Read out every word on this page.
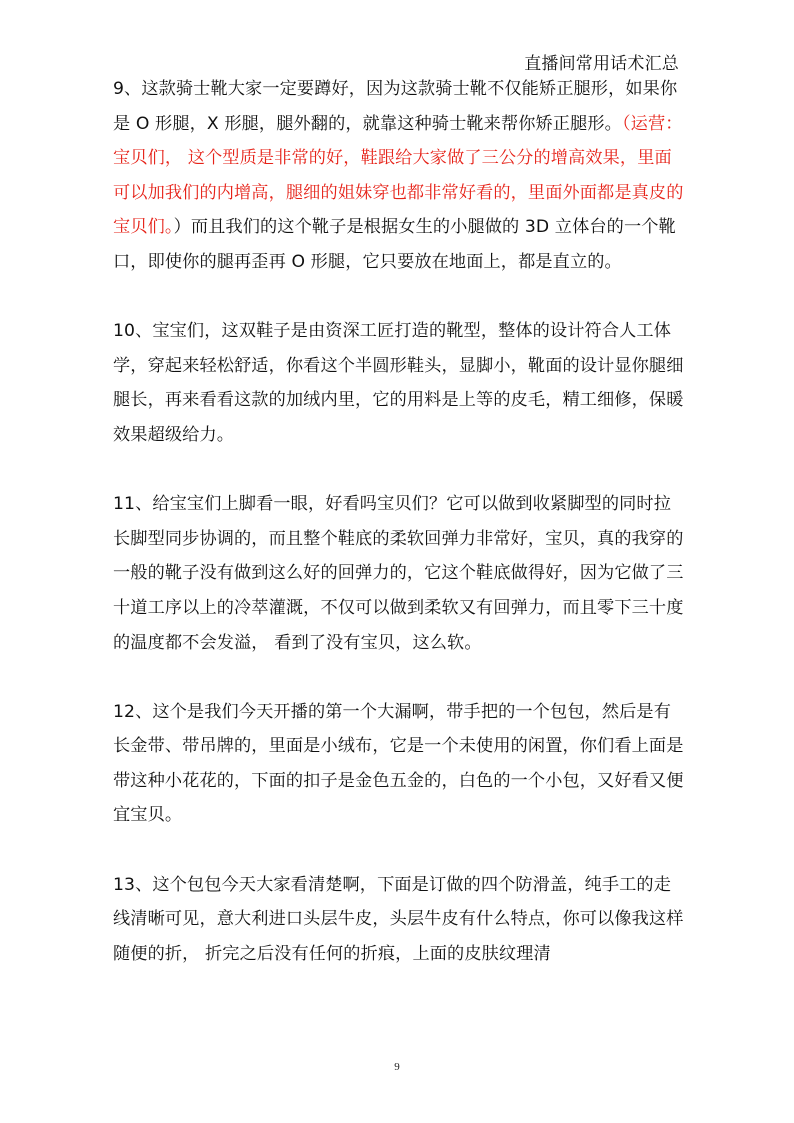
直播间常用话术汇总

9、这款骑士靴大家一定要蹲好，因为这款骑士靴不仅能矫正腿形，如果你是 O 形腿，X 形腿，腿外翻的，就靠这种骑士靴来帮你矫正腿形。（运营：宝贝们， 这个型质是非常的好，鞋跟给大家做了三公分的增高效果，里面可以加我们的内增高，腿细的姐妹穿也都非常好看的，里面外面都是真皮的宝贝们。）而且我们的这个靴子是根据女生的小腿做的 3D 立体台的一个靴口，即使你的腿再歪再 O 形腿，它只要放在地面上，都是直立的。

10、宝宝们，这双鞋子是由资深工匠打造的靴型，整体的设计符合人工体学，穿起来轻松舒适，你看这个半圆形鞋头，显脚小，靴面的设计显你腿细腿长，再来看看这款的加绒内里，它的用料是上等的皮毛，精工细修，保暖效果超级给力。

11、给宝宝们上脚看一眼，好看吗宝贝们？它可以做到收紧脚型的同时拉长脚型同步协调的，而且整个鞋底的柔软回弹力非常好，宝贝，真的我穿的一般的靴子没有做到这么好的回弹力的，它这个鞋底做得好，因为它做了三十道工序以上的冷萃灌溉，不仅可以做到柔软又有回弹力，而且零下三十度的温度都不会发溢， 看到了没有宝贝，这么软。

12、这个是我们今天开播的第一个大漏啊，带手把的一个包包，然后是有长金带、带吊牌的，里面是小绒布，它是一个未使用的闲置，你们看上面是带这种小花花的，下面的扣子是金色五金的，白色的一个小包，又好看又便宜宝贝。

13、这个包包今天大家看清楚啊，下面是订做的四个防滑盖，纯手工的走线清晰可见，意大利进口头层牛皮，头层牛皮有什么特点，你可以像我这样随便的折， 折完之后没有任何的折痕，上面的皮肤纹理清

9
